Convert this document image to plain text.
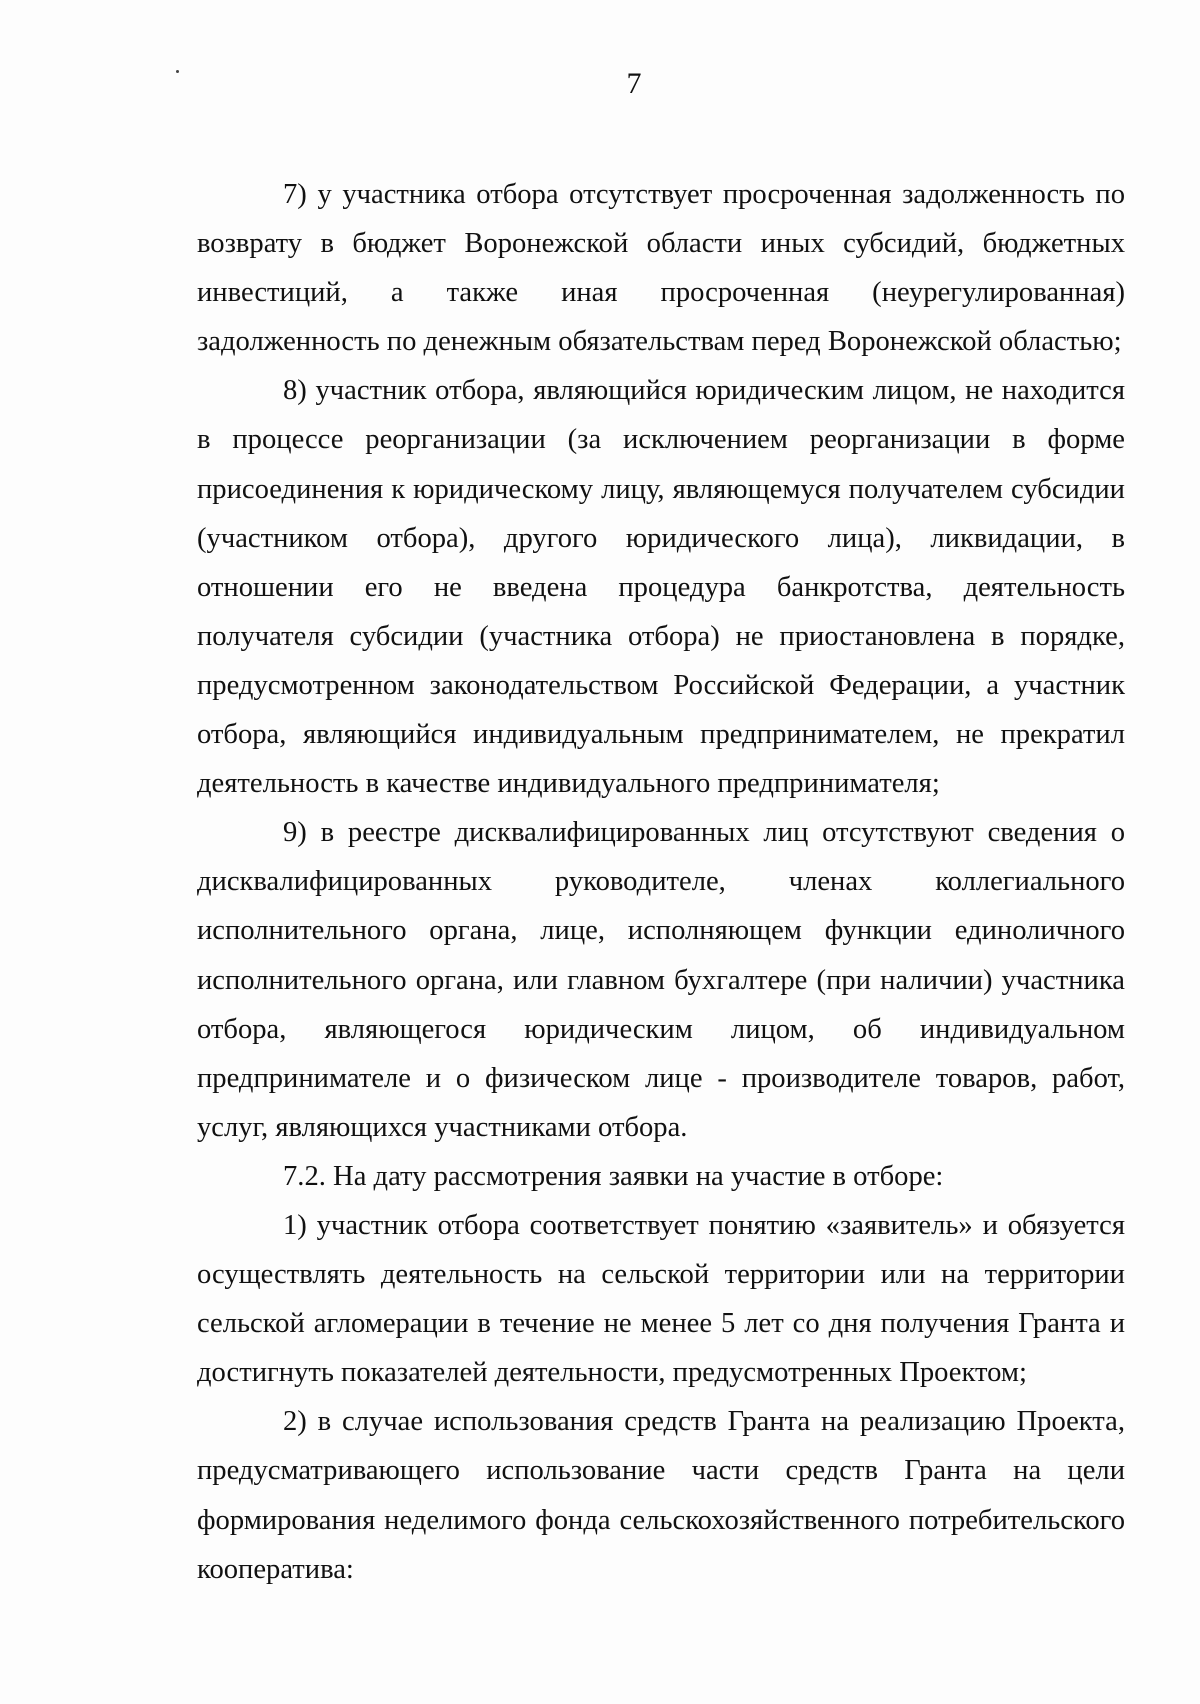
7

7) у участника отбора отсутствует просроченная задолженность по возврату в бюджет Воронежской области иных субсидий, бюджетных инвестиций, а также иная просроченная (неурегулированная) задолженность по денежным обязательствам перед Воронежской областью;

8) участник отбора, являющийся юридическим лицом, не находится в процессе реорганизации (за исключением реорганизации в форме присоединения к юридическому лицу, являющемуся получателем субсидии (участником отбора), другого юридического лица), ликвидации, в отношении его не введена процедура банкротства, деятельность получателя субсидии (участника отбора) не приостановлена в порядке, предусмотренном законодательством Российской Федерации, а участник отбора, являющийся индивидуальным предпринимателем, не прекратил деятельность в качестве индивидуального предпринимателя;

9) в реестре дисквалифицированных лиц отсутствуют сведения о дисквалифицированных руководителе, членах коллегиального исполнительного органа, лице, исполняющем функции единоличного исполнительного органа, или главном бухгалтере (при наличии) участника отбора, являющегося юридическим лицом, об индивидуальном предпринимателе и о физическом лице - производителе товаров, работ, услуг, являющихся участниками отбора.

7.2. На дату рассмотрения заявки на участие в отборе:

1) участник отбора соответствует понятию «заявитель» и обязуется осуществлять деятельность на сельской территории или на территории сельской агломерации в течение не менее 5 лет со дня получения Гранта и достигнуть показателей деятельности, предусмотренных Проектом;

2) в случае использования средств Гранта на реализацию Проекта, предусматривающего использование части средств Гранта на цели формирования неделимого фонда сельскохозяйственного потребительского кооператива:
